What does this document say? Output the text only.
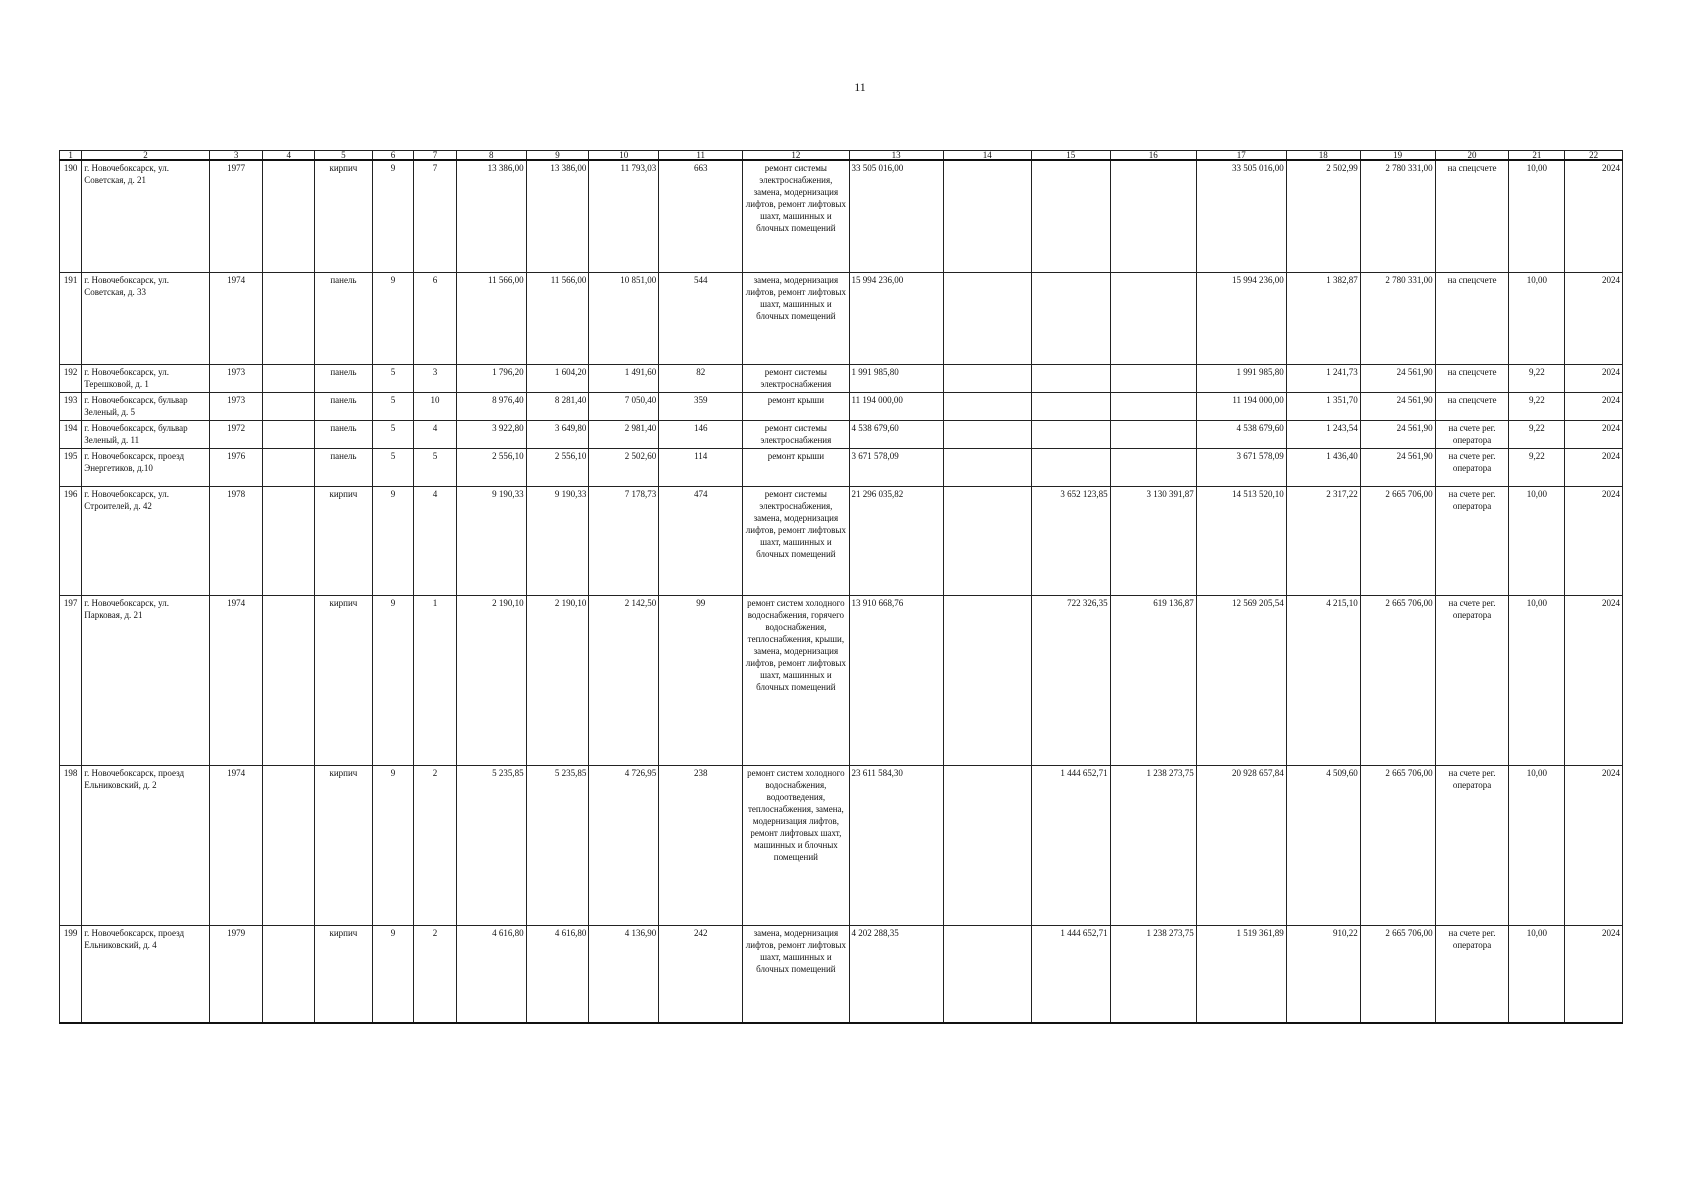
11
1	2	3	4	5	6	7	8	9	10	11	12	13	14	15	16	17	18	19	20	21	22
190	г. Новочебоксарск, ул. Советская, д. 21	1977		кирпич	9	7	13 386,00	13 386,00	11 793,03	663	ремонт системы электроснабжения, замена, модернизация лифтов, ремонт лифтовых шахт, машинных и блочных помещений	33 505 016,00				33 505 016,00	2 502,99	2 780 331,00	на спецсчете	10,00	2024
191	г. Новочебоксарск, ул. Советская, д. 33	1974		панель	9	6	11 566,00	11 566,00	10 851,00	544	замена, модернизация лифтов, ремонт лифтовых шахт, машинных и блочных помещений	15 994 236,00				15 994 236,00	1 382,87	2 780 331,00	на спецсчете	10,00	2024
192	г. Новочебоксарск, ул. Терешковой, д. 1	1973		панель	5	3	1 796,20	1 604,20	1 491,60	82	ремонт системы электроснабжения	1 991 985,80				1 991 985,80	1 241,73	24 561,90	на спецсчете	9,22	2024
193	г. Новочебоксарск, бульвар Зеленый, д. 5	1973		панель	5	10	8 976,40	8 281,40	7 050,40	359	ремонт крыши	11 194 000,00				11 194 000,00	1 351,70	24 561,90	на спецсчете	9,22	2024
194	г. Новочебоксарск, бульвар Зеленый, д. 11	1972		панель	5	4	3 922,80	3 649,80	2 981,40	146	ремонт системы электроснабжения	4 538 679,60				4 538 679,60	1 243,54	24 561,90	на счете рег. оператора	9,22	2024
195	г. Новочебоксарск, проезд Энергетиков, д.10	1976		панель	5	5	2 556,10	2 556,10	2 502,60	114	ремонт крыши	3 671 578,09				3 671 578,09	1 436,40	24 561,90	на счете рег. оператора	9,22	2024
196	г. Новочебоксарск, ул. Строителей, д. 42	1978		кирпич	9	4	9 190,33	9 190,33	7 178,73	474	ремонт системы электроснабжения, замена, модернизация лифтов, ремонт лифтовых шахт, машинных и блочных помещений	21 296 035,82		3 652 123,85	3 130 391,87	14 513 520,10	2 317,22	2 665 706,00	на счете рег. оператора	10,00	2024
197	г. Новочебоксарск, ул. Парковая, д. 21	1974		кирпич	9	1	2 190,10	2 190,10	2 142,50	99	ремонт систем холодного водоснабжения, горячего водоснабжения, теплоснабжения, крыши, замена, модернизация лифтов, ремонт лифтовых шахт, машинных и блочных помещений	13 910 668,76		722 326,35	619 136,87	12 569 205,54	4 215,10	2 665 706,00	на счете рег. оператора	10,00	2024
198	г. Новочебоксарск, проезд Ельниковский, д. 2	1974		кирпич	9	2	5 235,85	5 235,85	4 726,95	238	ремонт систем холодного водоснабжения, водоотведения, теплоснабжения, замена, модернизация лифтов, ремонт лифтовых шахт, машинных и блочных помещений	23 611 584,30		1 444 652,71	1 238 273,75	20 928 657,84	4 509,60	2 665 706,00	на счете рег. оператора	10,00	2024
199	г. Новочебоксарск, проезд Ельниковский, д. 4	1979		кирпич	9	2	4 616,80	4 616,80	4 136,90	242	замена, модернизация лифтов, ремонт лифтовых шахт, машинных и блочных помещений	4 202 288,35		1 444 652,71	1 238 273,75	1 519 361,89	910,22	2 665 706,00	на счете рег. оператора	10,00	2024
